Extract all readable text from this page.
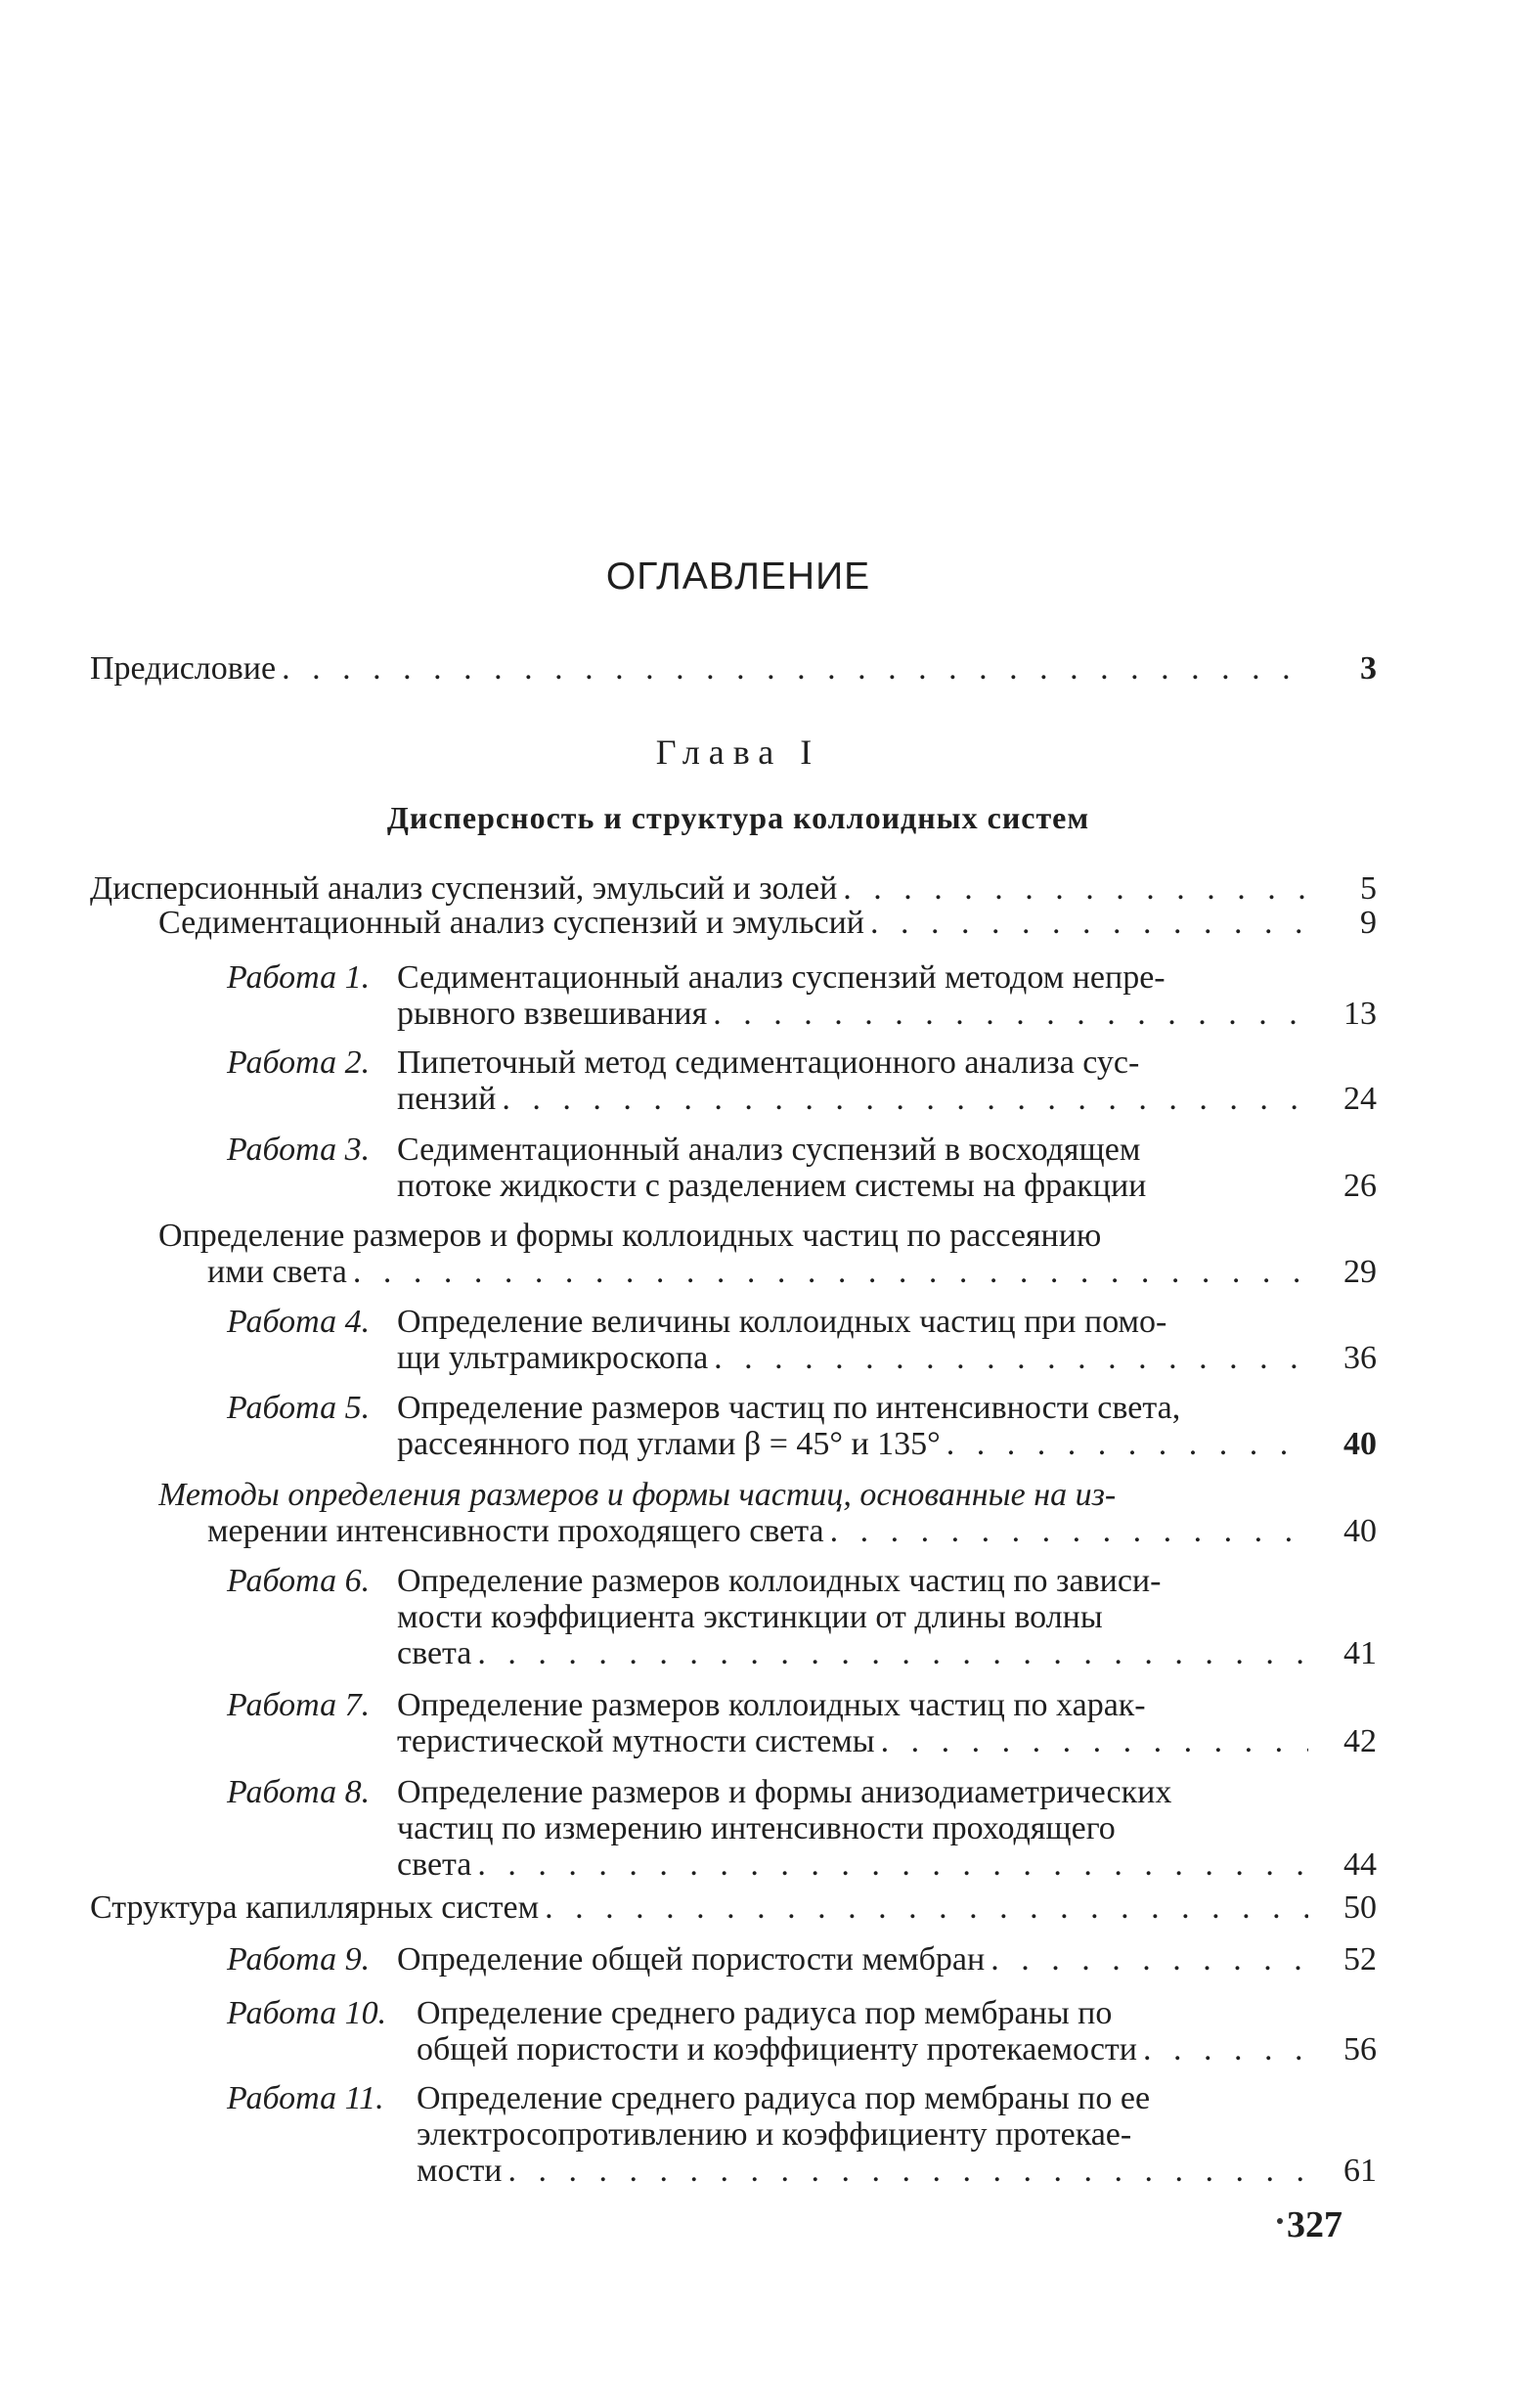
ОГЛАВЛЕНИЕ
Предисловие . . .	3
Глава I
Дисперсность и структура коллоидных систем
Дисперсионный анализ суспензий, эмульсий и золей . . .	5
Седиментационный анализ суспензий и эмульсий . . .	9
Работа 1. Седиментационный анализ суспензий методом непре-
рывного взвешивания . . .	13
Работа 2. Пипеточный метод седиментационного анализа сус-
пензий . . .	24
Работа 3. Седиментационный анализ суспензий в восходящем
потоке жидкости с разделением системы на фракции	26
Определение размеров и формы коллоидных частиц по рассеянию
ими света . . .	29
Работа 4. Определение величины коллоидных частиц при помо-
щи ультрамикроскопа . . .	36
Работа 5. Определение размеров частиц по интенсивности света,
рассеянного под углами β = 45° и 135° . . .	40
Методы определения размеров и формы частиц, основанные на из-
мерении интенсивности проходящего света . . .	40
Работа 6. Определение размеров коллоидных частиц по зависи-
мости коэффициента экстинкции от длины волны
света . . .	41
Работа 7. Определение размеров коллоидных частиц по харак-
теристической мутности системы . . .	42
Работа 8. Определение размеров и формы анизодиаметрических
частиц по измерению интенсивности проходящего
света . . .	44
Структура капиллярных систем . . .	50
Работа 9. Определение общей пористости мембран . . .	52
Работа 10. Определение среднего радиуса пор мембраны по
общей пористости и коэффициенту протекаемости . . .	56
Работа 11. Определение среднего радиуса пор мембраны по ее
электросопротивлению и коэффициенту протекае-
мости . . .	61
327
